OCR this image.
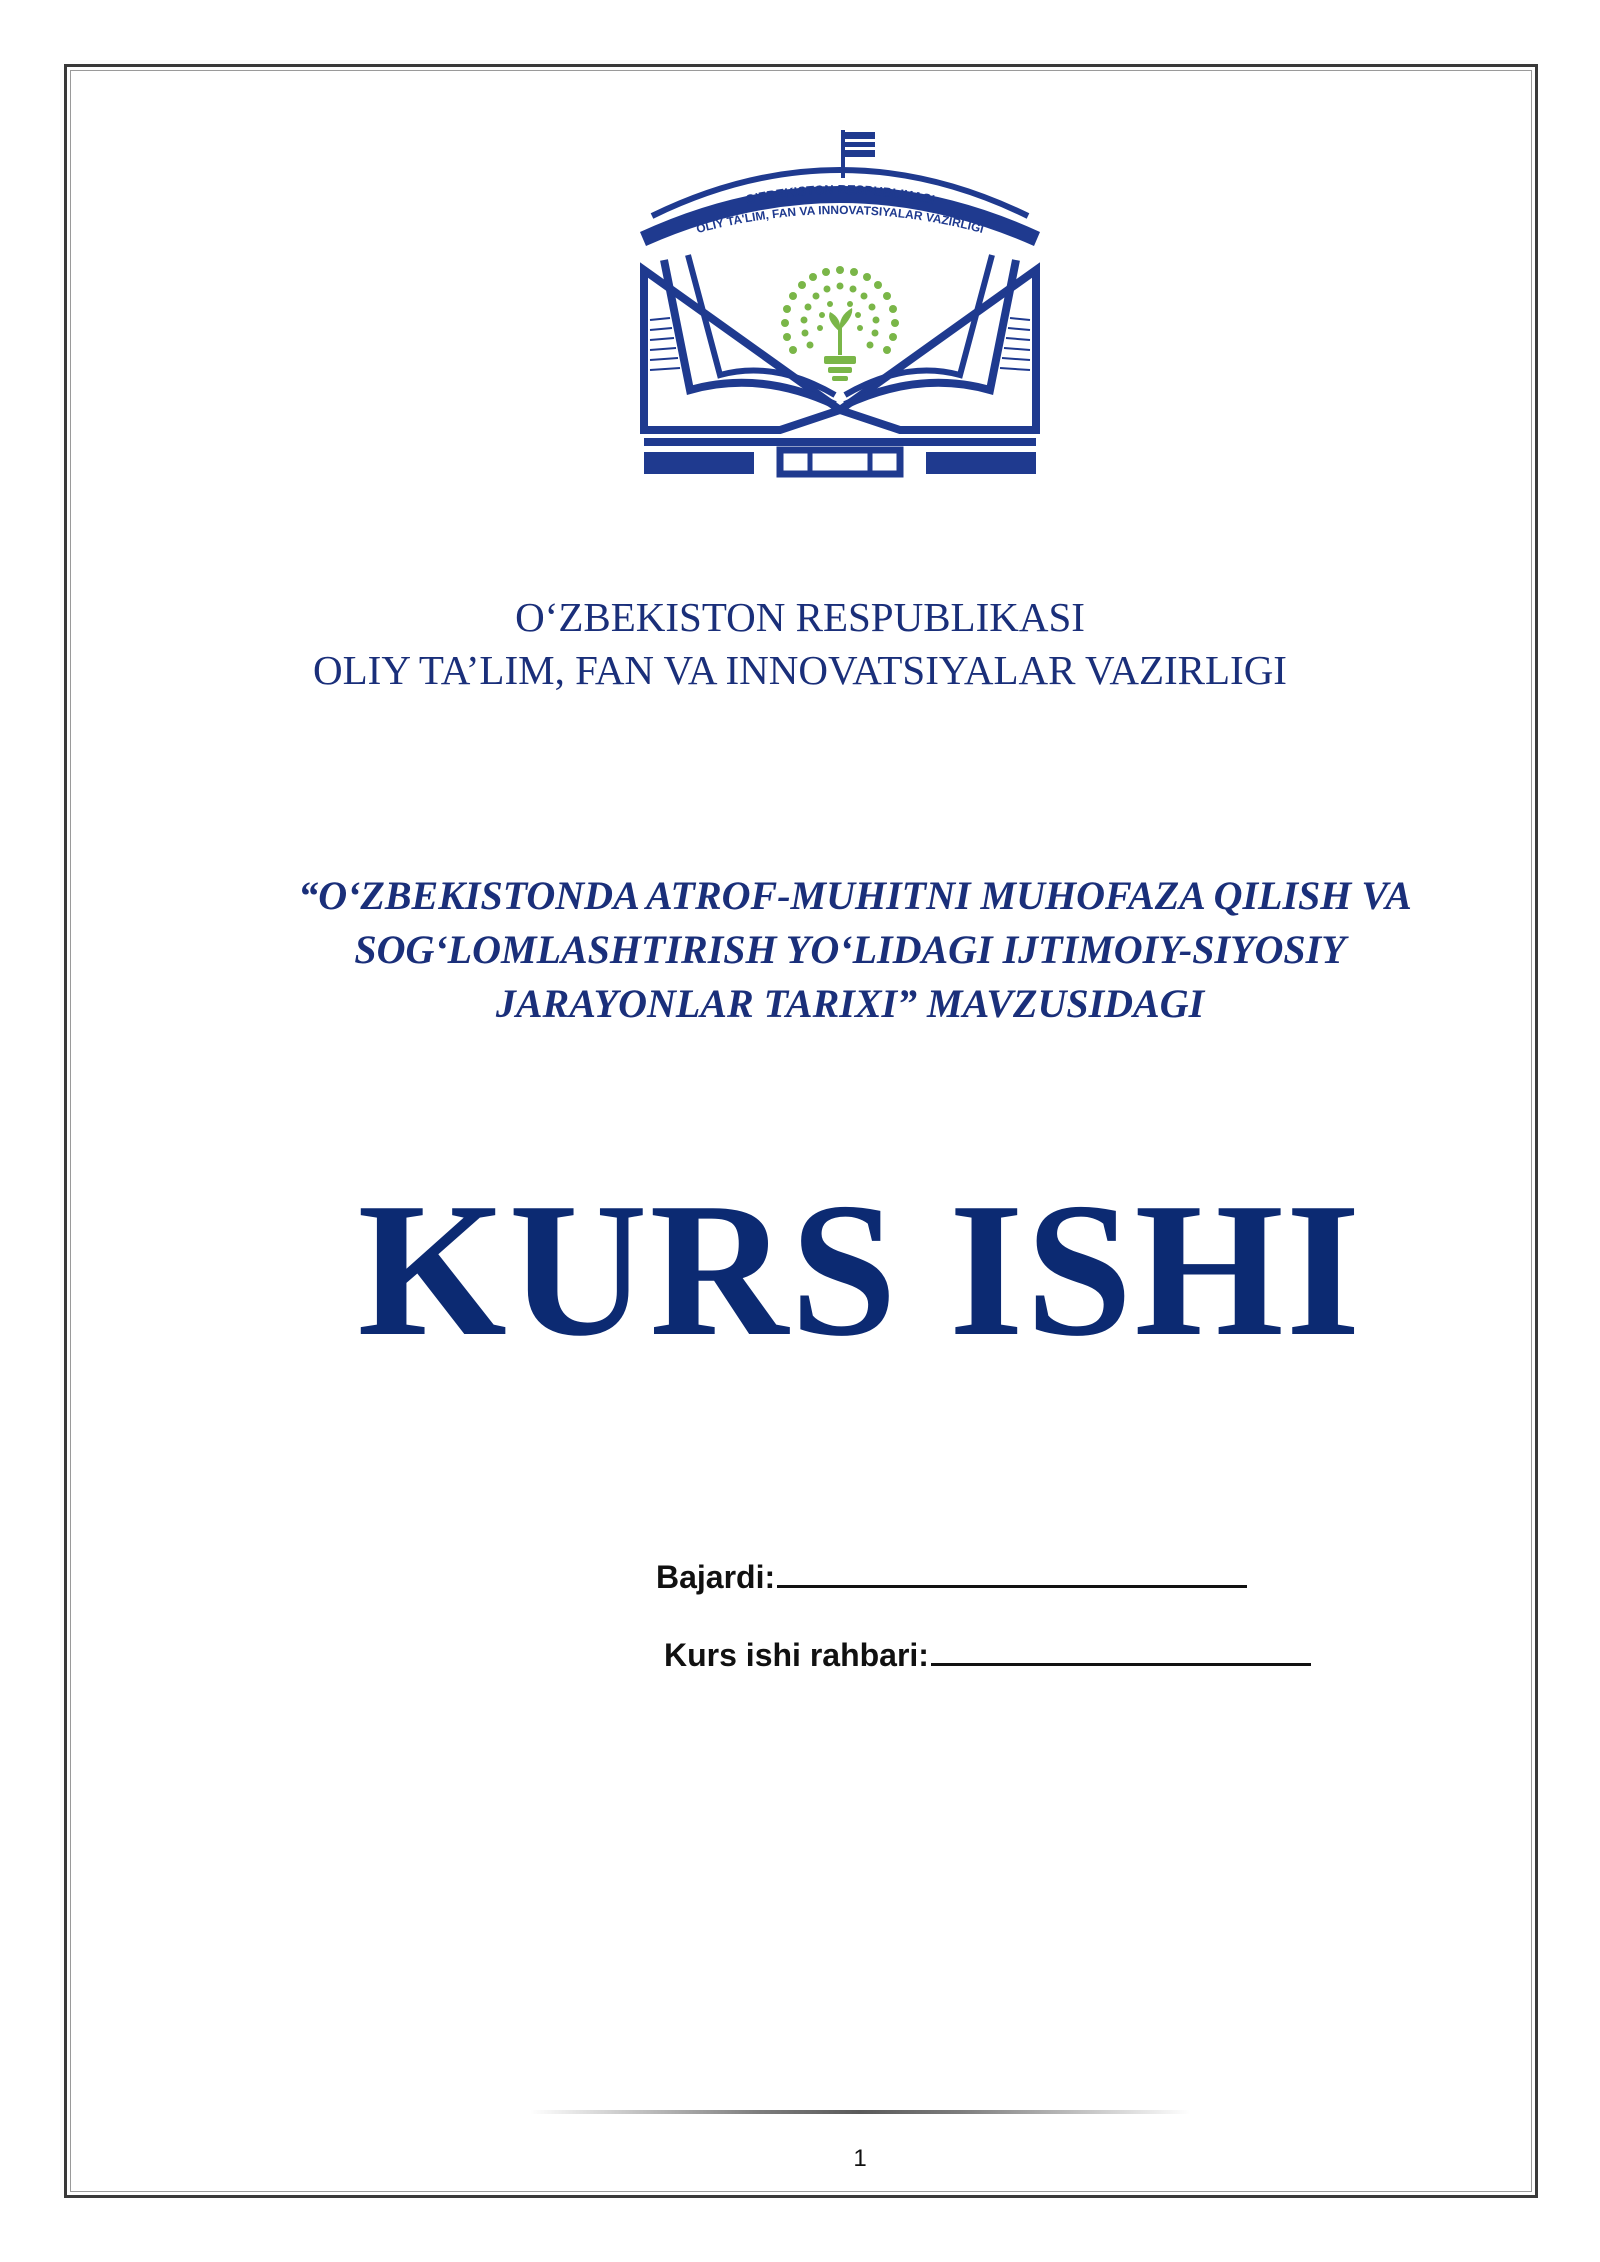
O'ZBEKISTON RESPUBLIKASI
OLIY TA'LIM, FAN VA INNOVATSIYALAR VAZIRLIGI
O‘ZBEKISTON RESPUBLIKASI
OLIY TA’LIM, FAN VA INNOVATSIYALAR VAZIRLIGI
“O‘ZBEKISTONDA ATROF-MUHITNI MUHOFAZA QILISH VA
SOG‘LOMLASHTIRISH YO‘LIDAGI IJTIMOIY-SIYOSIY
JARAYONLAR TARIXI” MAVZUSIDAGI
KURS ISHI
Bajardi:
Kurs ishi rahbari:
1
